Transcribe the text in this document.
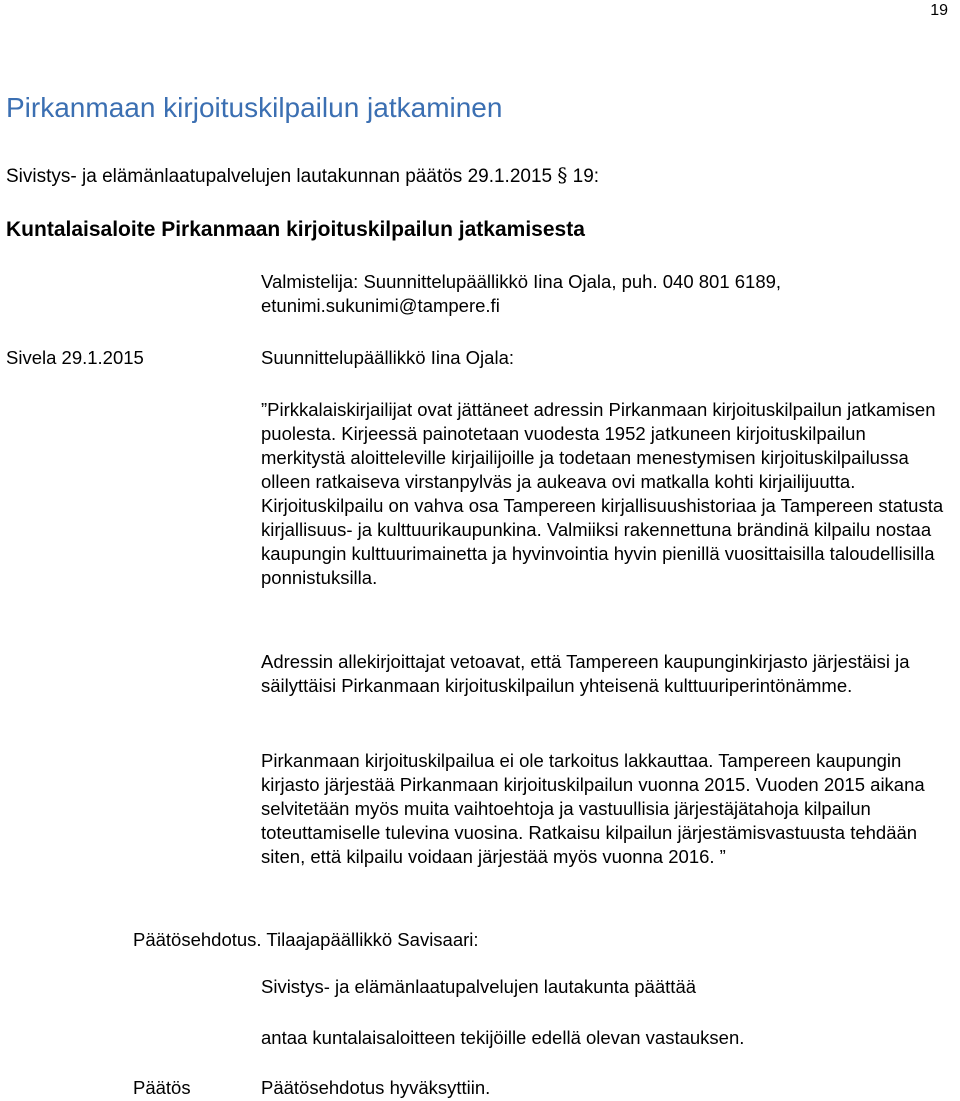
19
Pirkanmaan kirjoituskilpailun jatkaminen
Sivistys- ja elämänlaatupalvelujen lautakunnan päätös 29.1.2015 § 19:
Kuntalaisaloite Pirkanmaan kirjoituskilpailun jatkamisesta

Valmistelija: Suunnittelupäällikkö Iina Ojala, puh. 040 801 6189, etunimi.sukunimi@tampere.fi

Sivela 29.1.2015	Suunnittelupäällikkö Iina Ojala:

”Pirkkalaiskirjailijat ovat jättäneet adressin Pirkanmaan kirjoituskilpailun jatkamisen puolesta. Kirjeessä painotetaan vuodesta 1952 jatkuneen kirjoituskilpailun merkitystä aloitteleville kirjailijoille ja todetaan menestymisen kirjoituskilpailussa olleen ratkaiseva virstanpylväs ja aukeava ovi matkalla kohti kirjailijuutta. Kirjoituskilpailu on vahva osa Tampereen kirjallisuushistoriaa ja Tampereen statusta kirjallisuus- ja kulttuurikaupunkina. Valmiiksi rakennettuna brändinä kilpailu nostaa kaupungin kulttuurimainetta ja hyvinvointia hyvin pienillä vuosittaisilla taloudellisilla ponnistuksilla.

Adressin allekirjoittajat vetoavat, että Tampereen kaupunginkirjasto järjestäisi ja säilyttäisi Pirkanmaan kirjoituskilpailun yhteisenä kulttuuriperintönämme.

Pirkanmaan kirjoituskilpailua ei ole tarkoitus lakkauttaa. Tampereen kaupungin kirjasto järjestää Pirkanmaan kirjoituskilpailun vuonna 2015. Vuoden 2015 aikana selvitetään myös muita vaihtoehtoja ja vastuullisia järjestäjätahoja kilpailun toteuttamiselle tulevina vuosina. Ratkaisu kilpailun järjestämisvastuusta tehdään siten, että kilpailu voidaan järjestää myös vuonna 2016. ”

Päätösehdotus. Tilaajapäällikkö Savisaari:
Sivistys- ja elämänlaatupalvelujen lautakunta päättää
antaa kuntalaisaloitteen tekijöille edellä olevan vastauksen.
Päätös	Päätösehdotus hyväksyttiin.
